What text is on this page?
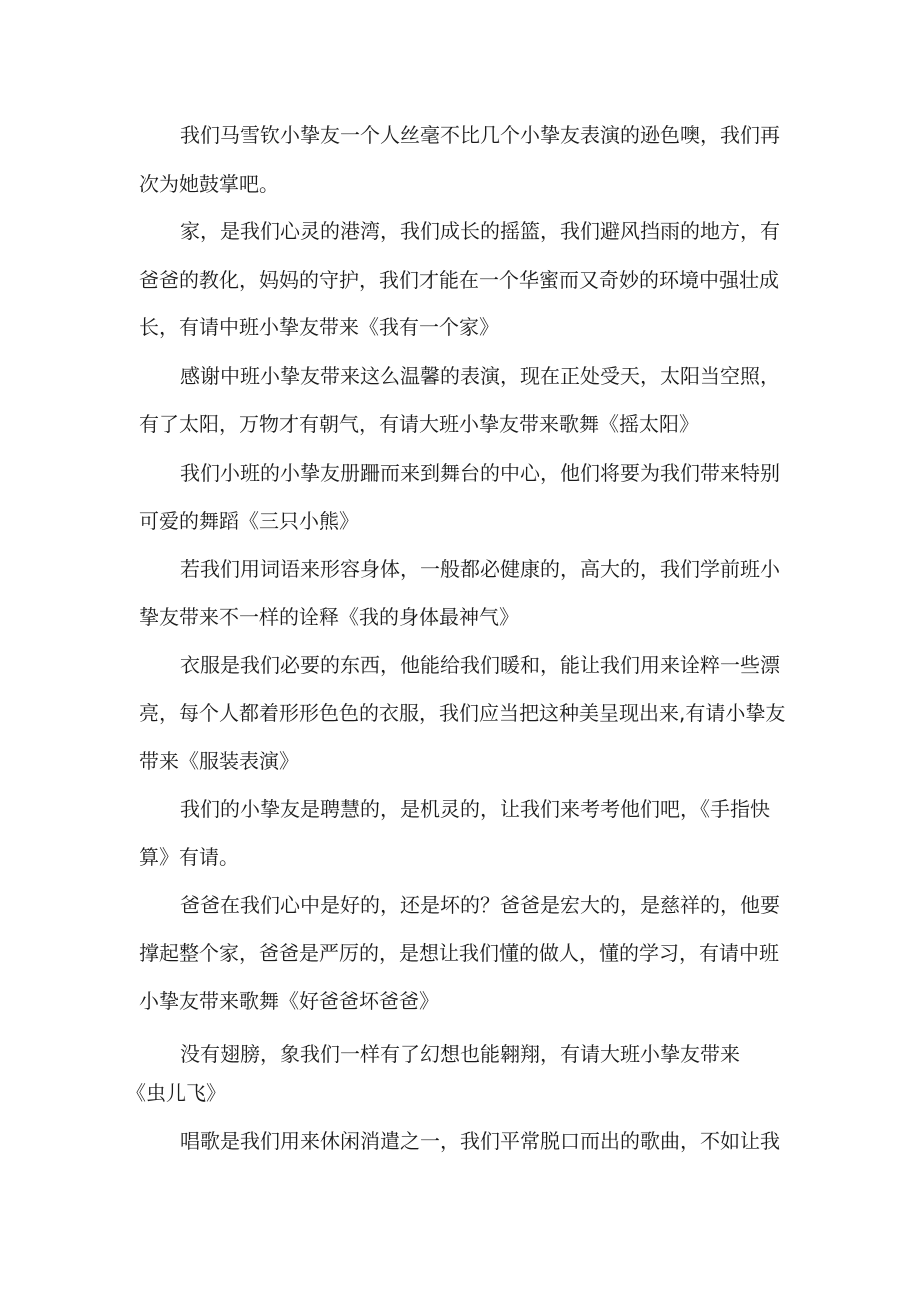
我们马雪钦小挚友一个人丝毫不比几个小挚友表演的逊色噢，我们再

次为她鼓掌吧。

家，是我们心灵的港湾，我们成长的摇篮，我们避风挡雨的地方，有

爸爸的教化，妈妈的守护，我们才能在一个华蜜而又奇妙的环境中强壮成

长，有请中班小挚友带来《我有一个家》

感谢中班小挚友带来这么温馨的表演，现在正处受天，太阳当空照，

有了太阳，万物才有朝气，有请大班小挚友带来歌舞《摇太阳》

我们小班的小挚友册跚而来到舞台的中心，他们将要为我们带来特别

可爱的舞蹈《三只小熊》

若我们用词语来形容身体，一般都必健康的，高大的，我们学前班小

挚友带来不一样的诠释《我的身体最神气》

衣服是我们必要的东西，他能给我们暖和，能让我们用来诠粹一些漂

亮，每个人都着形形色色的衣服，我们应当把这种美呈现出来,有请小挚友

带来《服装表演》

我们的小挚友是聘慧的，是机灵的，让我们来考考他们吧，《手指快

算》有请。

爸爸在我们心中是好的，还是坏的？爸爸是宏大的，是慈祥的，他要

撑起整个家，爸爸是严厉的，是想让我们懂的做人，懂的学习，有请中班

小挚友带来歌舞《好爸爸坏爸爸》

没有翅膀，象我们一样有了幻想也能翱翔，有请大班小挚友带来

《虫儿飞》

唱歌是我们用来休闲消遣之一，我们平常脱口而出的歌曲，不如让我
